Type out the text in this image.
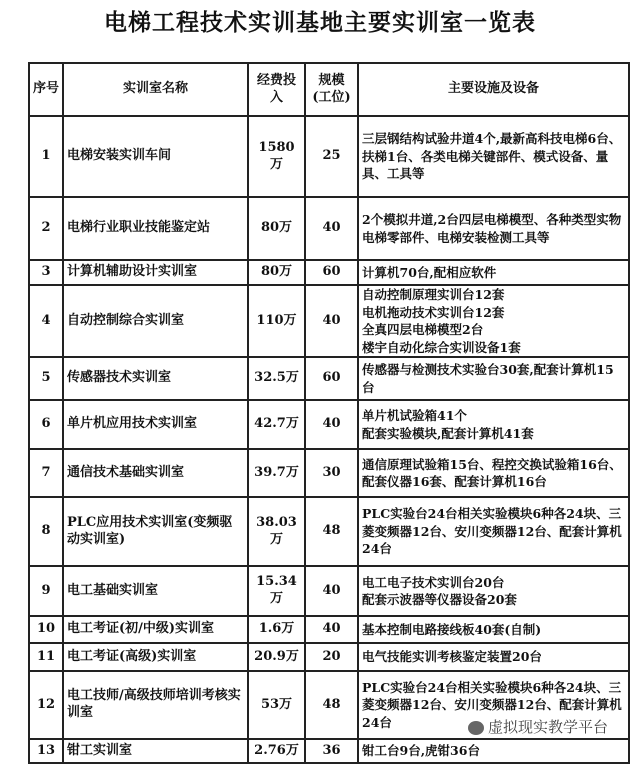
电梯工程技术实训基地主要实训室一览表
序号	实训室名称	经费投入	规模(工位)	主要设施及设备
1	电梯安装实训车间	1580万	25	三层钢结构试验井道4个,最新高科技电梯6台、扶梯1台、各类电梯关键部件、模式设备、量具、工具等
2	电梯行业职业技能鉴定站	80万	40	2个模拟井道,2台四层电梯模型、各种类型实物电梯零部件、电梯安装检测工具等
3	计算机辅助设计实训室	80万	60	计算机70台,配相应软件
4	自动控制综合实训室	110万	40	自动控制原理实训台12套
电机拖动技术实训台12套
全真四层电梯模型2台
楼宇自动化综合实训设备1套
5	传感器技术实训室	32.5万	60	传感器与检测技术实验台30套,配套计算机15台
6	单片机应用技术实训室	42.7万	40	单片机试验箱41个
配套实验模块,配套计算机41套
7	通信技术基础实训室	39.7万	30	通信原理试验箱15台、程控交换试验箱16台、配套仪器16套、配套计算机16台
8	PLC应用技术实训室(变频驱动实训室)	38.03万	48	PLC实验台24台相关实验模块6种各24块、三菱变频器12台、安川变频器12台、配套计算机24台
9	电工基础实训室	15.34万	40	电工电子技术实训台20台
配套示波器等仪器设备20套
10	电工考证(初/中级)实训室	1.6万	40	基本控制电路接线板40套(自制)
11	电工考证(高级)实训室	20.9万	20	电气技能实训考核鉴定装置20台
12	电工技师/高级技师培训考核实训室	53万	48	PLC实验台24台相关实验模块6种各24块、三菱变频器12台、安川变频器12台、配套计算机24台
13	钳工实训室	2.76万	36	钳工台9台,虎钳36台
虚拟现实教学平台
